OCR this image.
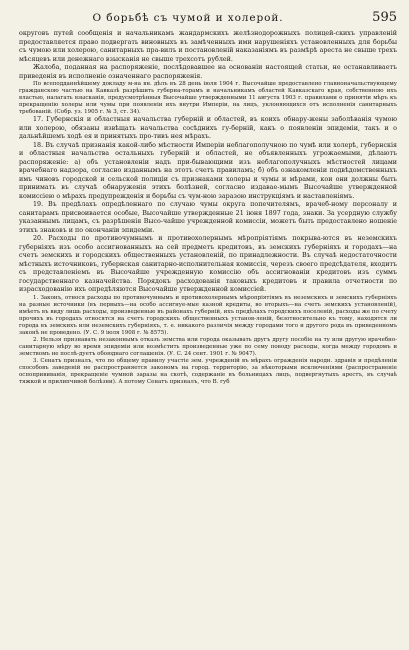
О борьбѣ съ чумой и холерой.	595

округовъ путей сообщенія и начальникамъ жандармскихъ желѣзнодорожныхъ полицей-скихъ управленій предоставляется право подвергать виновныхъ въ замѣченныхъ ими нарушеніяхъ установленныхъ для борьбы съ чумою или холерою, санитарныхъ пра-вилъ и постановленій наказаніямъ въ размѣрѣ ареста не свыше трехъ мѣсяцевъ или денежнаго взысканія не свыше трехсотъ рублей.

Жалоба, поданная на распоряженіе, послѣдовавшее на основаніи настоящей статьи, не останавливаетъ приведенія въ исполненіе означеннаго распоряженія.

По всеподданнѣйшему докладу м-на вн. дѣлъ въ 28 день іюля 1904 г. Высочайше предоставлено главноначальствующему гражданскою частью на Кавказѣ разрѣшить губерна-торамъ и начальникамъ областей Кавказскаго края, собственною ихъ властью, налагать взысканія, предусмотрѣнныя Высочайше утвержденными 11 августа 1903 г. правилами о принятіи мѣръ къ прекращенію холеры или чумы при появленіи ихъ внутри Имперіи, на лицъ, уклоняющихся отъ исполненія санитарныхъ требованій. (Собр. уз. 1905 г. № 3, ст. 34).

17. Губернскія и областныя начальства губерній и областей, въ коихъ обнару-жены заболѣванія чумою или холерою, обязаны извѣщать начальства сосѣднихъ гу-берній, какъ о появленіи эпидеміи, такъ и о дальнѣйшемъ ходѣ ея и принятыхъ про-тивъ нея мѣрахъ.

18. Въ случаѣ признанія какой-либо мѣстности Имперіи неблагополучною по чумѣ или холерѣ, губернскія и областныя начальства остальныхъ губерній и областей, не объявленныхъ угрожаемыми, дѣлаютъ распоряженіе: а) объ установленіи надъ при-бывающими изъ неблагополучныхъ мѣстностей лицами врачебнаго надзора, согласно изданнымъ на этотъ счетъ правиламъ; б) объ ознакомленіи подвѣдомственныхъ имъ чиновъ городской и сельской полиціи съ признаками холеры и чумы и мѣрами, кои они должны быть принимать въ случаѣ обнаруженія этихъ болѣзней, согласно издавае-мымъ Высочайше утвержденной комиссіею о мѣрахъ предупрежденія и борьбы съ чум-ною заразою инструкціямъ и наставленіямъ.

19. Въ предѣлахъ опредѣленнаго по случаю чумы округа попечителямъ, врачеб-ному персоналу и санитарамъ присвоивается особые, Высочайше утвержденные 21 іюня 1897 года, знаки. За усердную службу указаннымъ лицамъ, съ разрѣшенія Высо-чайше учрежденной комиссіи, можетъ быть предоставлено ношеніе этихъ знаковъ и по окончаніи эпидеміи.

20. Расходы по противочумнымъ и противохолернымъ мѣропріятіямъ покрыва-ются въ неземскихъ губерніяхъ изъ особо ассигнованныхъ на сей предметъ кредитовъ, въ земскихъ губерніяхъ и городахъ—на счетъ земскихъ и городскихъ общественныхъ установленій, по принадлежности. Въ случаѣ недостаточности мѣстныхъ источниковъ, губернская санитарно-исполнительная комиссія, черезъ своего предсѣдателя, входитъ съ представленіемъ въ Высочайше учрежденную комиссію объ ассигнованіи кредитовъ изъ суммъ государственнаго казначейства. Порядокъ расходованія таковыхъ кредитовъ и правила отчетности по израсходованію ихъ опредѣляются Высочайше утвержденной комиссіей.

1. Законъ, относя расходы по противочумнымъ и противохолернымъ мѣропріятіямъ въ неземскихъ и земскихъ губерніяхъ на разные источники (въ первыхъ—на особо ассигнуе-мые казной кредиты, во вторыхъ—на счетъ земскихъ установленій), имѣетъ въ виду лишь расходы, произведенные въ районахъ губерній, ихъ предѣлахъ городскихъ поселеній, расходы же по счету прочихъ въ городахъ относятся на счетъ городскихъ общественныхъ установ-леній, безотносительно къ тому, находятся ли города въ земскихъ или неземскихъ губерніяхъ, т. е. никакого различія между городами того и другого рода въ приведенномъ законѣ не проведено. (У. С. 9 іюля 1908 г. № 8575).

2. Нельзя признавать незаконнымъ отказъ земства или города оказывать другъ другу пособіе на ту или другую врачебно-санитарную мѣру во время эпидеміи или возмѣстить произведенные уже по сему поводу расходы, когда между городомъ и земствомъ не послѣ-дуетъ обоюднаго соглашенія. (У. С. 24 сент. 1901 г. № 9047).

3. Сенатъ призналъ, что по общему правилу участіе зем. учрежденій въ мѣрахъ огражденія народн. здравія и предѣленіи способовъ заведеній не распространяется закономъ на город. территорію, за нѣкоторыми исключеніями (распространеніе оспопрививанія, прекращеніе чумной заразы на скотѣ, содержаніе въ больницахъ лицъ, подвергнутыхъ арестъ, въ случаѣ тяжкой и прилипчивой болѣзни). А потому Сенатъ призналъ, что В. губ
